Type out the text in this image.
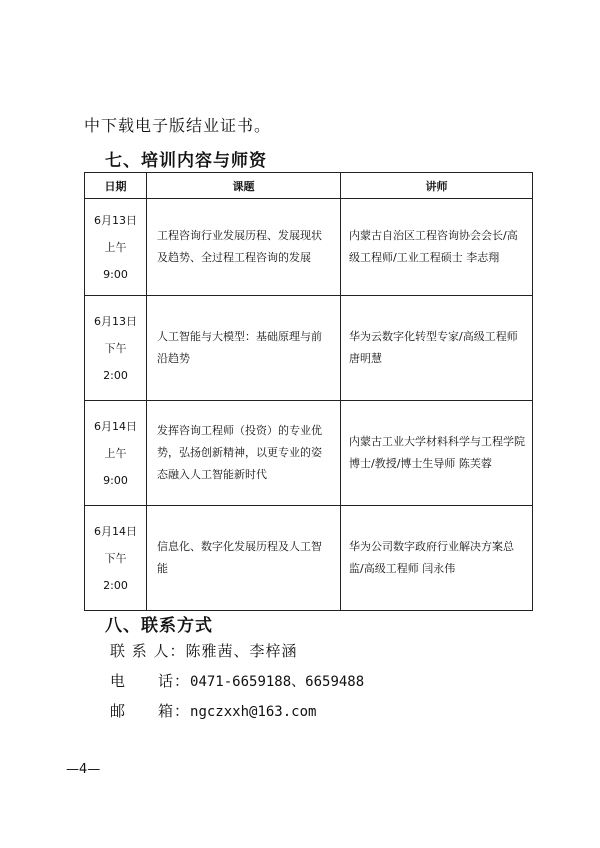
中下载电子版结业证书。
七、培训内容与师资
日期	课题	讲师

6月13日
上午
9:00	工程咨询行业发展历程、发展现状及趋势、全过程工程咨询的发展	内蒙古自治区工程咨询协会会长/高级工程师/工业工程硕士 李志翔

6月13日
下午
2:00	人工智能与大模型：基础原理与前沿趋势	华为云数字化转型专家/高级工程师 唐明慧

6月14日
上午
9:00	发挥咨询工程师（投资）的专业优势，弘扬创新精神，以更专业的姿态融入人工智能新时代	内蒙古工业大学材料科学与工程学院博士/教授/博士生导师 陈芙蓉

6月14日
下午
2:00	信息化、数字化发展历程及人工智能	华为公司数字政府行业解决方案总监/高级工程师 闫永伟
八、联系方式
联 系 人：陈雅茜、李梓涵
电　　话：0471-6659188、6659488
邮　　箱：ngczxxh@163.com
—4—
